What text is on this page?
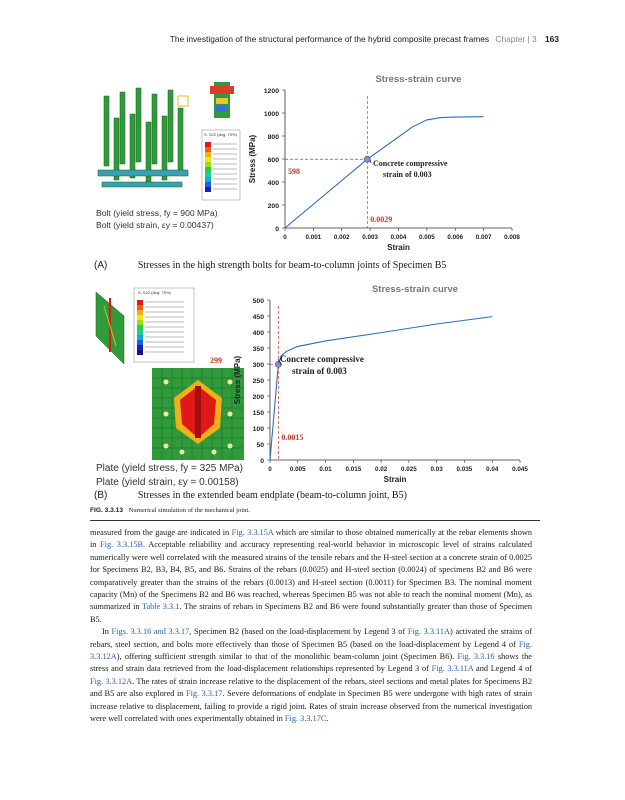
The investigation of the structural performance of the hybrid composite precast frames Chapter | 3 163
S, S22 (Avg: 75%)
Bolt (yield stress, fy = 900 MPa)
Bolt (yield strain, εy = 0.00437)
Stress-strain curve
0	0.001 0.002 0.003 0.004 0.005 0.006 0.007 0.008
0
200
400
600
800
1000
1200
Strain
Stress (MPa)	598
0.0029
Concrete compressive
strain of 0.003
(A)	Stresses in the high strength bolts for beam-to-column joints of Specimen B5
S, S22 (Avg: 75%)
Plate (yield stress, fy = 325 MPa)
Plate (yield strain, εy = 0.00158)
Stress-strain curve
0	0.005 0.01 0.015 0.02 0.025 0.03 0.035 0.04 0.045
0
50
100
150
200
250
300
350
400
450
500
Strain
Stress (MPa)
299
0.0015
Concrete compressive
strain of 0.003
(B)	Stresses in the extended beam endplate (beam-to-column joint, B5)
FIG. 3.3.13 Numerical simulation of the mechanical joint.

measured from the gauge are indicated in Fig. 3.3.15A which are similar to those obtained numerically at the rebar elements shown in Fig. 3.3.15B. Acceptable reliability and accuracy representing real-world behavior in microscopic level of strains calculated numerically were well correlated with the measured strains of the tensile rebars and the H-steel section at a concrete strain of 0.0025 for Specimens B2, B3, B4, B5, and B6. Strains of the rebars (0.0025) and H-steel section (0.0024) of specimens B2 and B6 were comparatively greater than the strains of the rebars (0.0013) and H-steel section (0.0011) for Specimen B3. The nominal moment capacity (Mn) of the Specimens B2 and B6 was reached, whereas Specimen B5 was not able to reach the nominal moment (Mn), as summarized in Table 3.3.1. The strains of rebars in Specimens B2 and B6 were found substantially greater than those of Specimen B5.

In Figs. 3.3.16 and 3.3.17, Specimen B2 (based on the load-displacement by Legend 3 of Fig. 3.3.11A) activated the strains of rebars, steel section, and bolts more effectively than those of Specimen B5 (based on the load-displacement by Legend 4 of Fig. 3.3.12A), offering sufficient strength similar to that of the monolithic beam-column joint (Specimen B6). Fig. 3.3.16 shows the stress and strain data retrieved from the load-displacement relationships represented by Legend 3 of Fig. 3.3.11A and Legend 4 of Fig. 3.3.12A. The rates of strain increase relative to the displacement of the rebars, steel sections and metal plates for Specimens B2 and B5 are also explored in Fig. 3.3.17. Severe deformations of endplate in Specimen B5 were undergone with high rates of strain increase relative to displacement, failing to provide a rigid joint. Rates of strain increase observed from the numerical investigation were well correlated with ones experimentally obtained in Fig. 3.3.17C.
